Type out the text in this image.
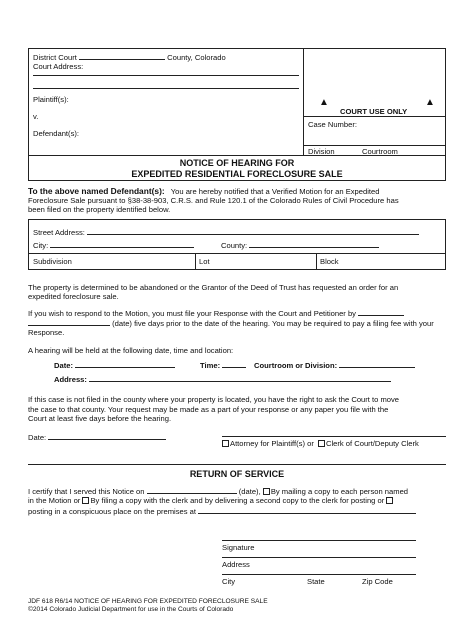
District Court	County, Colorado
Court Address:
Plaintiff(s):
v.
Defendant(s):
▲	▲
COURT USE ONLY
Case Number:
Division	Courtroom
NOTICE OF HEARING FOR
EXPEDITED RESIDENTIAL FORECLOSURE SALE
To the above named Defendant(s): You are hereby notified that a Verified Motion for an Expedited
Foreclosure Sale pursuant to §38-38-903, C.R.S. and Rule 120.1 of the Colorado Rules of Civil Procedure has
been filed on the property identified below.
Street Address:
City:	County:
Subdivision	Lot	Block
The property is determined to be abandoned or the Grantor of the Deed of Trust has requested an order for an
expedited foreclosure sale.
If you wish to respond to the Motion, you must file your Response with the Court and Petitioner by
(date) five days prior to the date of the hearing. You may be required to pay a filing fee with your
Response.
A hearing will be held at the following date, time and location:
Date:	Time:	Courtroom or Division:
Address:
If this case is not filed in the county where your property is located, you have the right to ask the Court to move
the case to that county. Your request may be made as a part of your response or any paper you file with the
Court at least five days before the hearing.
Date:
Attorney for Plaintiff(s) or Clerk of Court/Deputy Clerk
RETURN OF SERVICE
I certify that I served this Notice on	(date), By mailing a copy to each person named
in the Motion or By filing a copy with the clerk and by delivering a second copy to the clerk for posting or
posting in a conspicuous place on the premises at
Signature
Address
City	State	Zip Code
JDF 618 R6/14 NOTICE OF HEARING FOR EXPEDITED FORECLOSURE SALE
©2014 Colorado Judicial Department for use in the Courts of Colorado
